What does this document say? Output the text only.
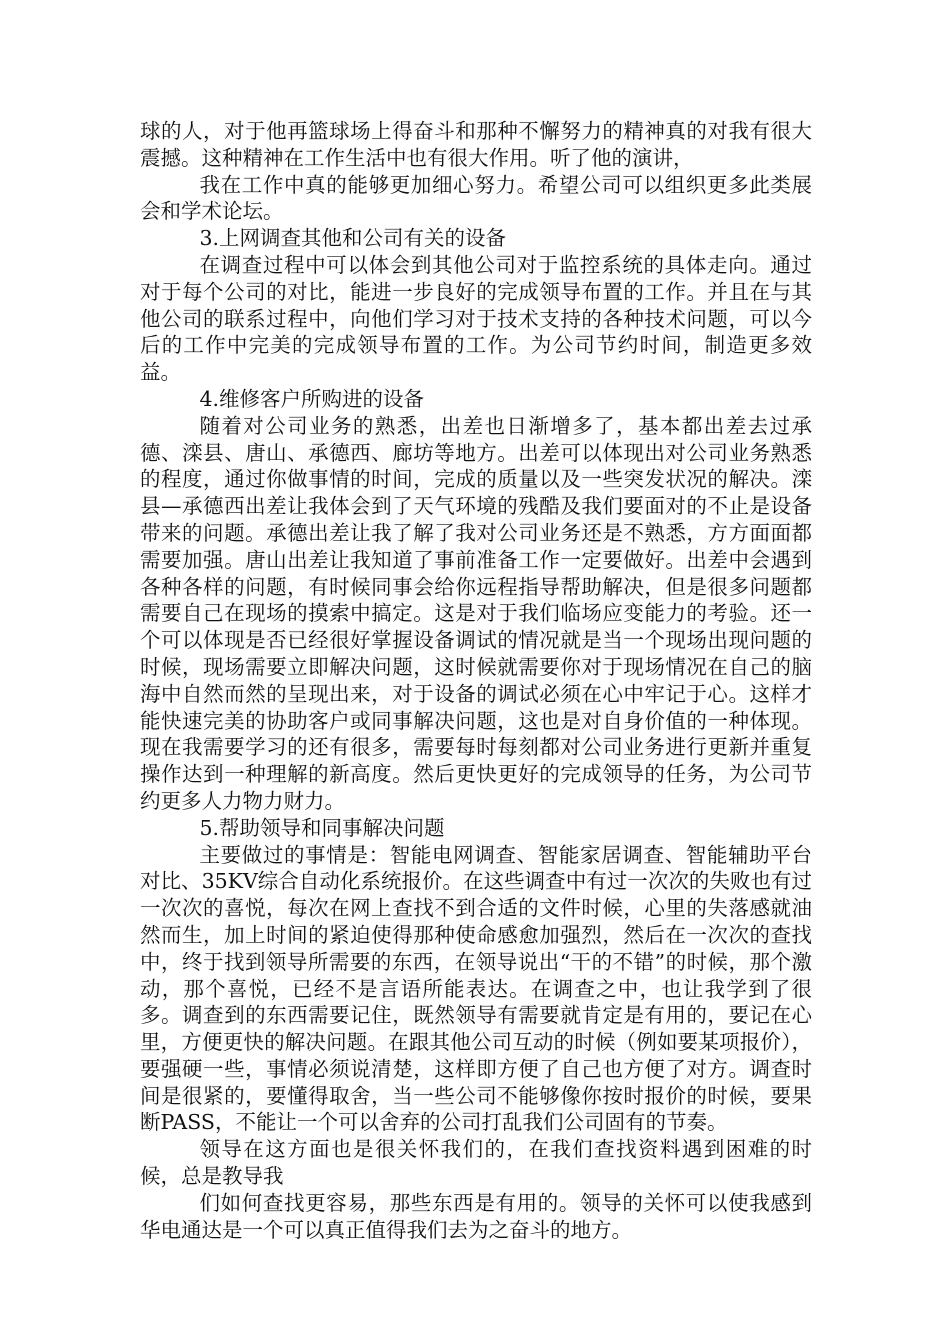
球的人，对于他再篮球场上得奋斗和那种不懈努力的精神真的对我有很大震撼。这种精神在工作生活中也有很大作用。听了他的演讲，

我在工作中真的能够更加细心努力。希望公司可以组织更多此类展会和学术论坛。

3.上网调查其他和公司有关的设备

在调查过程中可以体会到其他公司对于监控系统的具体走向。通过对于每个公司的对比，能进一步良好的完成领导布置的工作。并且在与其他公司的联系过程中，向他们学习对于技术支持的各种技术问题，可以今后的工作中完美的完成领导布置的工作。为公司节约时间，制造更多效益。

4.维修客户所购进的设备

随着对公司业务的熟悉，出差也日渐增多了，基本都出差去过承德、滦县、唐山、承德西、廊坊等地方。出差可以体现出对公司业务熟悉的程度，通过你做事情的时间，完成的质量以及一些突发状况的解决。滦县—承德西出差让我体会到了天气环境的残酷及我们要面对的不止是设备带来的问题。承德出差让我了解了我对公司业务还是不熟悉，方方面面都需要加强。唐山出差让我知道了事前准备工作一定要做好。出差中会遇到各种各样的问题，有时候同事会给你远程指导帮助解决，但是很多问题都需要自己在现场的摸索中搞定。这是对于我们临场应变能力的考验。还一个可以体现是否已经很好掌握设备调试的情况就是当一个现场出现问题的时候，现场需要立即解决问题，这时候就需要你对于现场情况在自己的脑海中自然而然的呈现出来，对于设备的调试必须在心中牢记于心。这样才能快速完美的协助客户或同事解决问题，这也是对自身价值的一种体现。现在我需要学习的还有很多，需要每时每刻都对公司业务进行更新并重复操作达到一种理解的新高度。然后更快更好的完成领导的任务，为公司节约更多人力物力财力。

5.帮助领导和同事解决问题

主要做过的事情是：智能电网调查、智能家居调查、智能辅助平台对比、35KV综合自动化系统报价。在这些调查中有过一次次的失败也有过一次次的喜悦，每次在网上查找不到合适的文件时候，心里的失落感就油然而生，加上时间的紧迫使得那种使命感愈加强烈，然后在一次次的查找中，终于找到领导所需要的东西，在领导说出“干的不错”的时候，那个激动，那个喜悦，已经不是言语所能表达。在调查之中，也让我学到了很多。调查到的东西需要记住，既然领导有需要就肯定是有用的，要记在心里，方便更快的解决问题。在跟其他公司互动的时候（例如要某项报价），要强硬一些，事情必须说清楚，这样即方便了自己也方便了对方。调查时间是很紧的，要懂得取舍，当一些公司不能够像你按时报价的时候，要果断PASS，不能让一个可以舍弃的公司打乱我们公司固有的节奏。

领导在这方面也是很关怀我们的，在我们查找资料遇到困难的时候，总是教导我

们如何查找更容易，那些东西是有用的。领导的关怀可以使我感到华电通达是一个可以真正值得我们去为之奋斗的地方。
